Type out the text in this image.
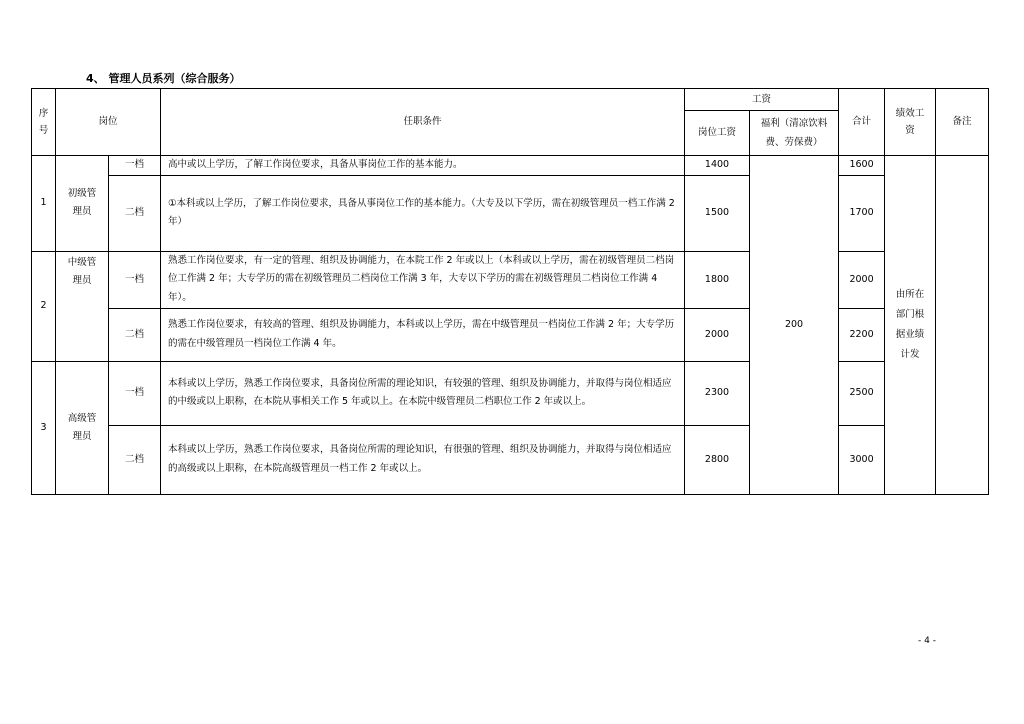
4、 管理人员系列（综合服务）
序号	岗位		任职条件	工资		合计	绩效工资	备注
				岗位工资	福利（清凉饮料费、劳保费）			
1	初级管理员	一档	高中或以上学历，了解工作岗位要求，具备从事岗位工作的基本能力。	1400	200	1600	由所在部门根据业绩计发	
		二档	①本科或以上学历，了解工作岗位要求，具备从事岗位工作的基本能力。（大专及以下学历，需在初级管理员一档工作满 2 年）	1500		1700		
2	中级管理员	一档	熟悉工作岗位要求，有一定的管理、组织及协调能力，在本院工作 2 年或以上（本科或以上学历，需在初级管理员二档岗位工作满 2 年；大专学历的需在初级管理员二档岗位工作满 3 年，大专以下学历的需在初级管理员二档岗位工作满 4 年）。	1800		2000		
		二档	熟悉工作岗位要求，有较高的管理、组织及协调能力，本科或以上学历，需在中级管理员一档岗位工作满 2 年；大专学历的需在中级管理员一档岗位工作满 4 年。	2000		2200		
3	高级管理员	一档	本科或以上学历，熟悉工作岗位要求，具备岗位所需的理论知识，有较强的管理、组织及协调能力，并取得与岗位相适应的中级或以上职称，在本院从事相关工作 5 年或以上。在本院中级管理员二档职位工作 2 年或以上。	2300		2500		
		二档	本科或以上学历，熟悉工作岗位要求，具备岗位所需的理论知识，有很强的管理、组织及协调能力，并取得与岗位相适应的高级或以上职称，在本院高级管理员一档工作 2 年或以上。	2800		3000		
- 4 -
